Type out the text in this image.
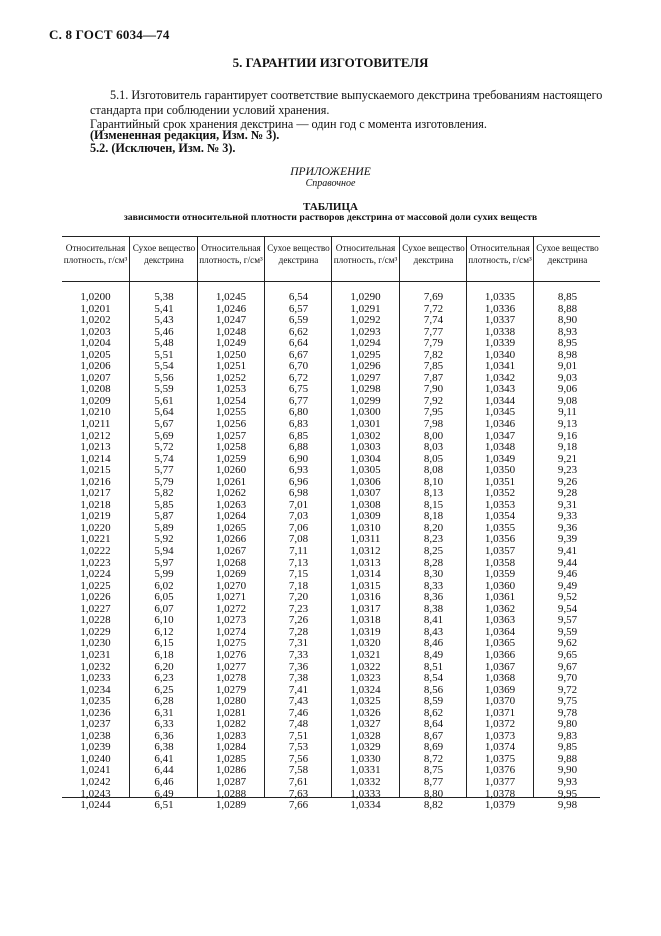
С. 8 ГОСТ 6034—74
5. ГАРАНТИИ ИЗГОТОВИТЕЛЯ
5.1. Изготовитель гарантирует соответствие выпускаемого декстрина требованиям настоящего
стандарта при соблюдении условий хранения.
Гарантийный срок хранения декстрина — один год с момента изготовления.
(Измененная редакция, Изм. № 3).
5.2. (Исключен, Изм. № 3).
ПРИЛОЖЕНИЕ
Справочное
ТАБЛИЦА
зависимости относительной плотности растворов декстрина от массовой доли сухих веществ
Относительная плотность, г/см³
Сухое вещество декстрина
Относительная плотность, г/см³
Сухое вещество декстрина
Относительная плотность, г/см³
Сухое вещество декстрина
Относительная плотность, г/см³
Сухое вещество декстрина
1,0200
1,0201
1,0202
1,0203
1,0204
1,0205
1,0206
1,0207
1,0208
1,0209
1,0210
1,0211
1,0212
1,0213
1,0214
1,0215
1,0216
1,0217
1,0218
1,0219
1,0220
1,0221
1,0222
1,0223
1,0224
1,0225
1,0226
1,0227
1,0228
1,0229
1,0230
1,0231
1,0232
1,0233
1,0234
1,0235
1,0236
1,0237
1,0238
1,0239
1,0240
1,0241
1,0242
1,0243
1,0244
5,38
5,41
5,43
5,46
5,48
5,51
5,54
5,56
5,59
5,61
5,64
5,67
5,69
5,72
5,74
5,77
5,79
5,82
5,85
5,87
5,89
5,92
5,94
5,97
5,99
6,02
6,05
6,07
6,10
6,12
6,15
6,18
6,20
6,23
6,25
6,28
6,31
6,33
6,36
6,38
6,41
6,44
6,46
6,49
6,51
1,0245
1,0246
1,0247
1,0248
1,0249
1,0250
1,0251
1,0252
1,0253
1,0254
1,0255
1,0256
1,0257
1,0258
1,0259
1,0260
1,0261
1,0262
1,0263
1,0264
1,0265
1,0266
1,0267
1,0268
1,0269
1,0270
1,0271
1,0272
1,0273
1,0274
1,0275
1,0276
1,0277
1,0278
1,0279
1,0280
1,0281
1,0282
1,0283
1,0284
1,0285
1,0286
1,0287
1,0288
1,0289
6,54
6,57
6,59
6,62
6,64
6,67
6,70
6,72
6,75
6,77
6,80
6,83
6,85
6,88
6,90
6,93
6,96
6,98
7,01
7,03
7,06
7,08
7,11
7,13
7,15
7,18
7,20
7,23
7,26
7,28
7,31
7,33
7,36
7,38
7,41
7,43
7,46
7,48
7,51
7,53
7,56
7,58
7,61
7,63
7,66
1,0290
1,0291
1,0292
1,0293
1,0294
1,0295
1,0296
1,0297
1,0298
1,0299
1,0300
1,0301
1,0302
1,0303
1,0304
1,0305
1,0306
1,0307
1,0308
1,0309
1,0310
1,0311
1,0312
1,0313
1,0314
1,0315
1,0316
1,0317
1,0318
1,0319
1,0320
1,0321
1,0322
1,0323
1,0324
1,0325
1,0326
1,0327
1,0328
1,0329
1,0330
1,0331
1,0332
1,0333
1,0334
7,69
7,72
7,74
7,77
7,79
7,82
7,85
7,87
7,90
7,92
7,95
7,98
8,00
8,03
8,05
8,08
8,10
8,13
8,15
8,18
8,20
8,23
8,25
8,28
8,30
8,33
8,36
8,38
8,41
8,43
8,46
8,49
8,51
8,54
8,56
8,59
8,62
8,64
8,67
8,69
8,72
8,75
8,77
8,80
8,82
1,0335
1,0336
1,0337
1,0338
1,0339
1,0340
1,0341
1,0342
1,0343
1,0344
1,0345
1,0346
1,0347
1,0348
1,0349
1,0350
1,0351
1,0352
1,0353
1,0354
1,0355
1,0356
1,0357
1,0358
1,0359
1,0360
1,0361
1,0362
1,0363
1,0364
1,0365
1,0366
1,0367
1,0368
1,0369
1,0370
1,0371
1,0372
1,0373
1,0374
1,0375
1,0376
1,0377
1,0378
1,0379
8,85
8,88
8,90
8,93
8,95
8,98
9,01
9,03
9,06
9,08
9,11
9,13
9,16
9,18
9,21
9,23
9,26
9,28
9,31
9,33
9,36
9,39
9,41
9,44
9,46
9,49
9,52
9,54
9,57
9,59
9,62
9,65
9,67
9,70
9,72
9,75
9,78
9,80
9,83
9,85
9,88
9,90
9,93
9,95
9,98
